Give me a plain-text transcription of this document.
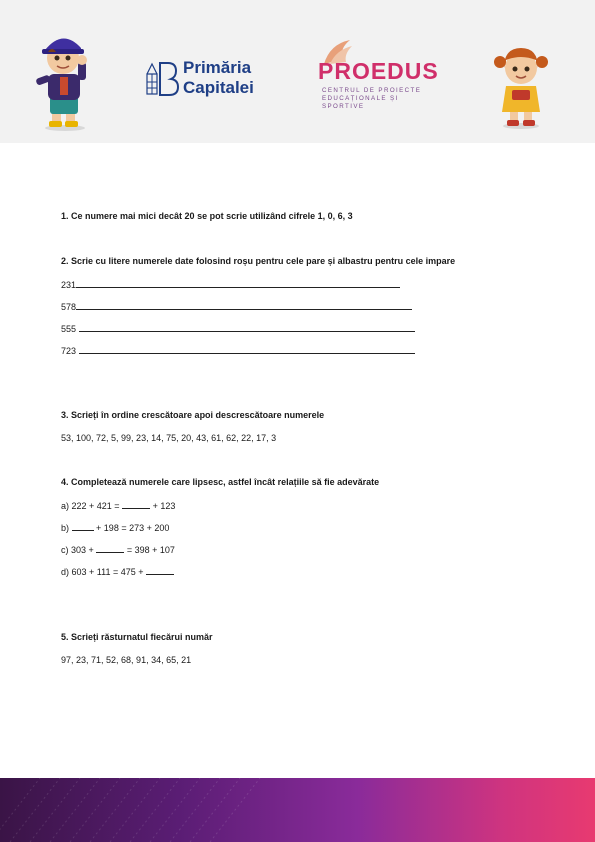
Primăria
Capitalei
PROEDUS
CENTRUL DE PROIECTE EDUCAȚIONALE ȘI SPORTIVE
1. Ce numere mai mici decât 20 se pot scrie utilizând cifrele 1, 0, 6, 3
2. Scrie cu litere numerele date folosind roșu pentru cele pare și albastru pentru cele impare
231
578
555
723
3. Scrieți în ordine crescătoare apoi descrescătoare numerele
53, 100, 72, 5, 99, 23, 14, 75, 20, 43, 61, 62, 22, 17, 3
4. Completează numerele care lipsesc, astfel încât relațiile să fie adevărate
a) 222 + 421 =	+ 123
b)	+ 198 = 273 + 200
c) 303 +	= 398 + 107
d) 603 + 111 = 475 +
5. Scrieți răsturnatul fiecărui număr
97, 23, 71, 52, 68, 91, 34, 65, 21
